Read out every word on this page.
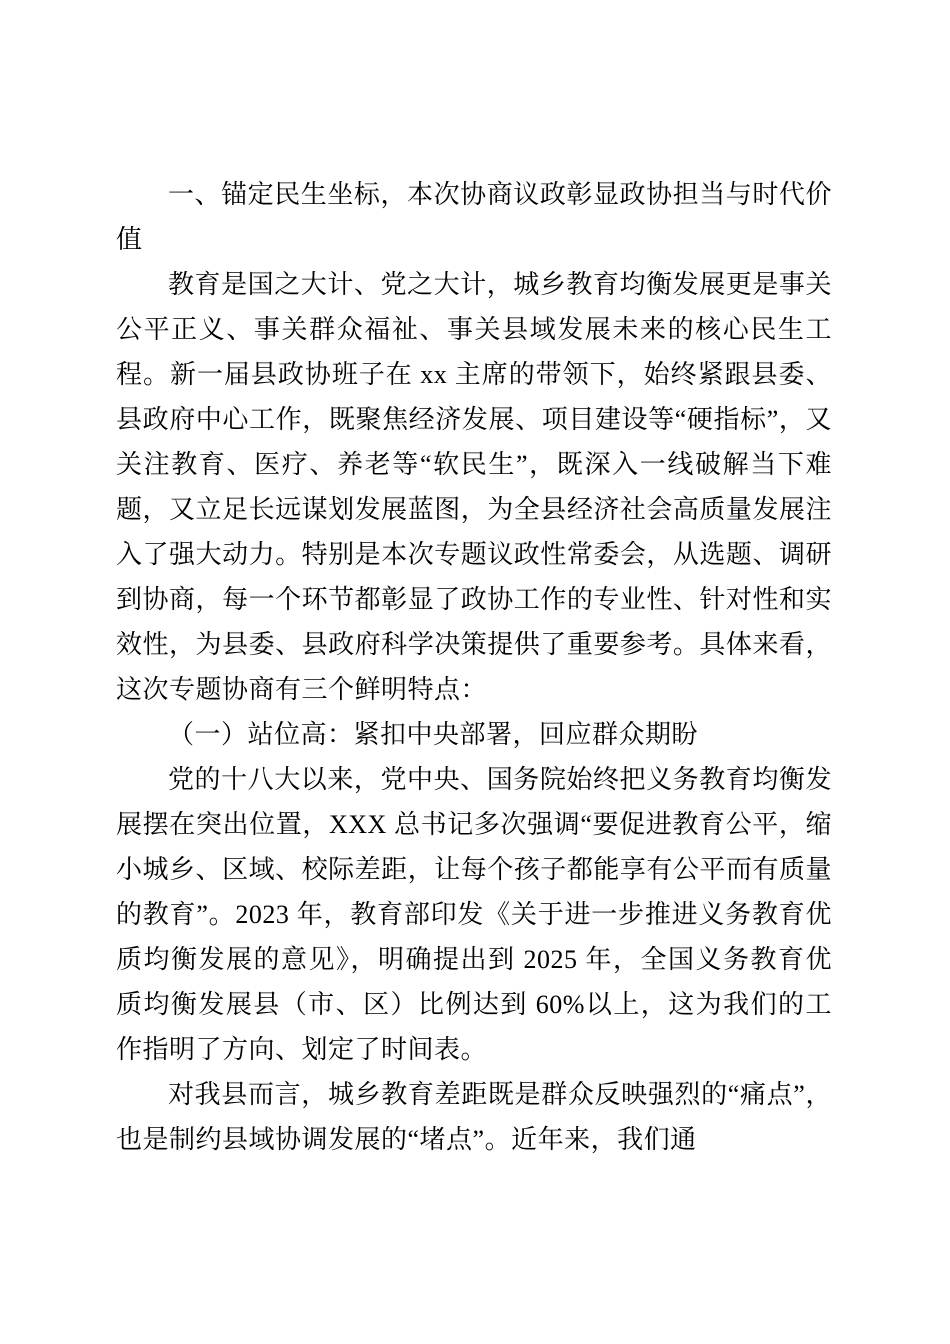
一、锚定民生坐标，本次协商议政彰显政协担当与时代价值

教育是国之大计、党之大计，城乡教育均衡发展更是事关公平正义、事关群众福祉、事关县域发展未来的核心民生工程。新一届县政协班子在 xx 主席的带领下，始终紧跟县委、县政府中心工作，既聚焦经济发展、项目建设等“硬指标”，又关注教育、医疗、养老等“软民生”，既深入一线破解当下难题，又立足长远谋划发展蓝图，为全县经济社会高质量发展注入了强大动力。特别是本次专题议政性常委会，从选题、调研到协商，每一个环节都彰显了政协工作的专业性、针对性和实效性，为县委、县政府科学决策提供了重要参考。具体来看，这次专题协商有三个鲜明特点：

（一）站位高：紧扣中央部署，回应群众期盼

党的十八大以来，党中央、国务院始终把义务教育均衡发展摆在突出位置，XXX 总书记多次强调“要促进教育公平，缩小城乡、区域、校际差距，让每个孩子都能享有公平而有质量的教育”。2023 年，教育部印发《关于进一步推进义务教育优质均衡发展的意见》，明确提出到 2025 年，全国义务教育优质均衡发展县（市、区）比例达到 60%以上，这为我们的工作指明了方向、划定了时间表。

对我县而言，城乡教育差距既是群众反映强烈的“痛点”，也是制约县域协调发展的“堵点”。近年来，我们通
